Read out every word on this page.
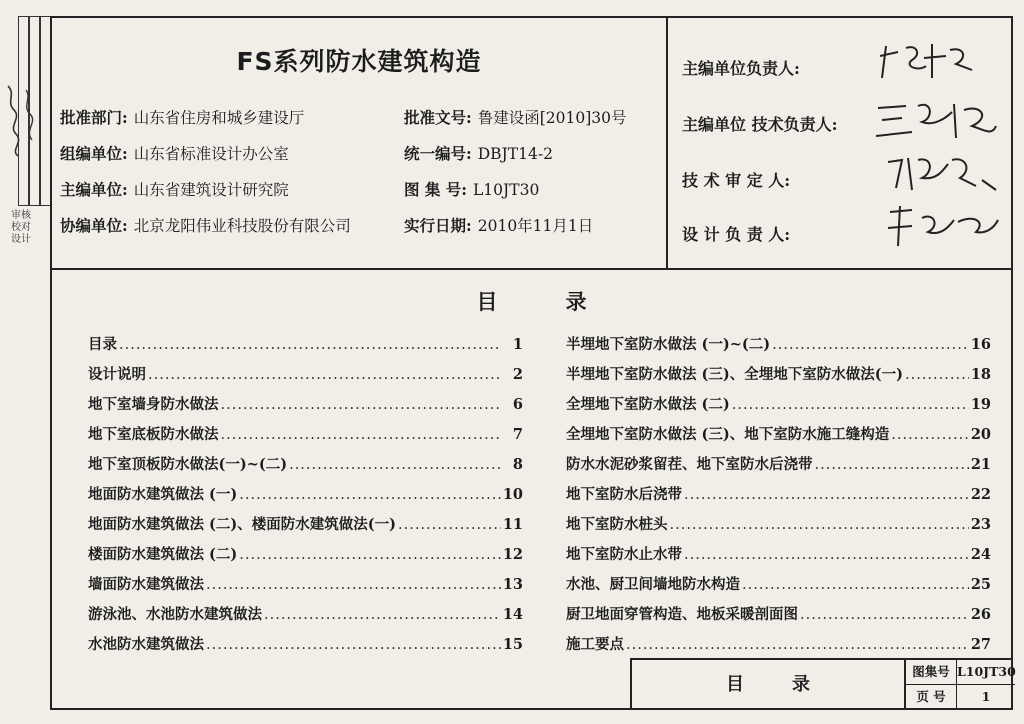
审核
校对
设计
FS系列防水建筑构造
批准部门: 山东省住房和城乡建设厅
组编单位: 山东省标准设计办公室
主编单位: 山东省建筑设计研究院
协编单位: 北京龙阳伟业科技股份有限公司
批准文号: 鲁建设函[2010]30号
统一编号: DBJT14-2
图 集 号: L10JT30
实行日期: 2010年11月1日
主编单位负责人:
主编单位 技术负责人:
技 术 审 定 人:
设 计 负 责 人:
目	录
目录 .....	1
设计说明 .....	2
地下室墙身防水做法 .....	6
地下室底板防水做法 .....	7
地下室顶板防水做法(一)~(二) .....	8
地面防水建筑做法 (一) .....	10
地面防水建筑做法 (二)、楼面防水建筑做法(一) .....	11
楼面防水建筑做法 (二) .....	12
墙面防水建筑做法 .....	13
游泳池、水池防水建筑做法 .....	14
水池防水建筑做法 .....	15
半埋地下室防水做法 (一)~(二) .....	16
半埋地下室防水做法 (三)、全埋地下室防水做法(一) .....	18
全埋地下室防水做法 (二) .....	19
全埋地下室防水做法 (三)、地下室防水施工缝构造 .....	20
防水水泥砂浆留茬、地下室防水后浇带 .....	21
地下室防水后浇带 .....	22
地下室防水桩头 .....	23
地下室防水止水带 .....	24
水池、厨卫间墙地防水构造 .....	25
厨卫地面穿管构造、地板采暖剖面图 .....	26
施工要点 .....	27
目	录
图集号 L10JT30
页 号	1
